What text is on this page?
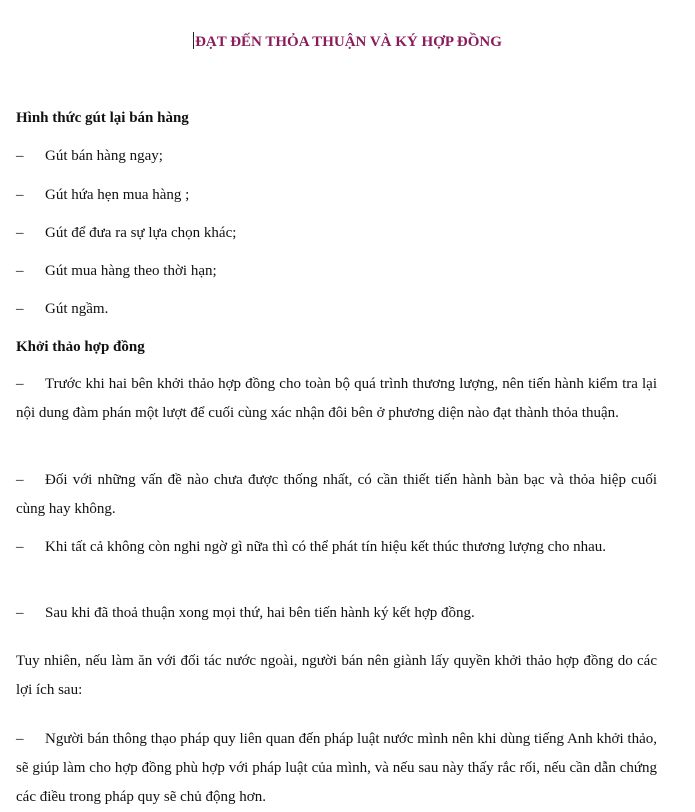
ĐẠT ĐẾN THỎA THUẬN VÀ KÝ HỢP ĐỒNG
Hình thức gút lại bán hàng
–	Gút bán hàng ngay;
–	Gút hứa hẹn mua hàng ;
–	Gút để đưa ra sự lựa chọn khác;
–	Gút mua hàng theo thời hạn;
–	Gút ngầm.
Khởi thảo hợp đồng
–	Trước khi hai bên khởi thảo hợp đồng cho toàn bộ quá trình thương lượng, nên tiến hành kiểm tra lại nội dung đàm phán một lượt để cuối cùng xác nhận đôi bên ở phương diện nào đạt thành thỏa thuận.
–	Đối với những vấn đề nào chưa được thống nhất, có cần thiết tiến hành bàn bạc và thỏa hiệp cuối cùng hay không.
–	Khi tất cả không còn nghi ngờ gì nữa thì có thể phát tín hiệu kết thúc thương lượng cho nhau.
–	Sau khi đã thoả thuận xong mọi thứ, hai bên tiến hành ký kết hợp đồng.
Tuy nhiên, nếu làm ăn với đối tác nước ngoài, người bán nên giành lấy quyền khởi thảo hợp đồng do các lợi ích sau:
–	Người bán thông thạo pháp quy liên quan đến pháp luật nước mình nên khi dùng tiếng Anh khởi thảo, sẽ giúp làm cho hợp đồng phù hợp với pháp luật của mình, và nếu sau này thấy rắc rối, nếu cần dẫn chứng các điều trong pháp quy sẽ chủ động hơn.
